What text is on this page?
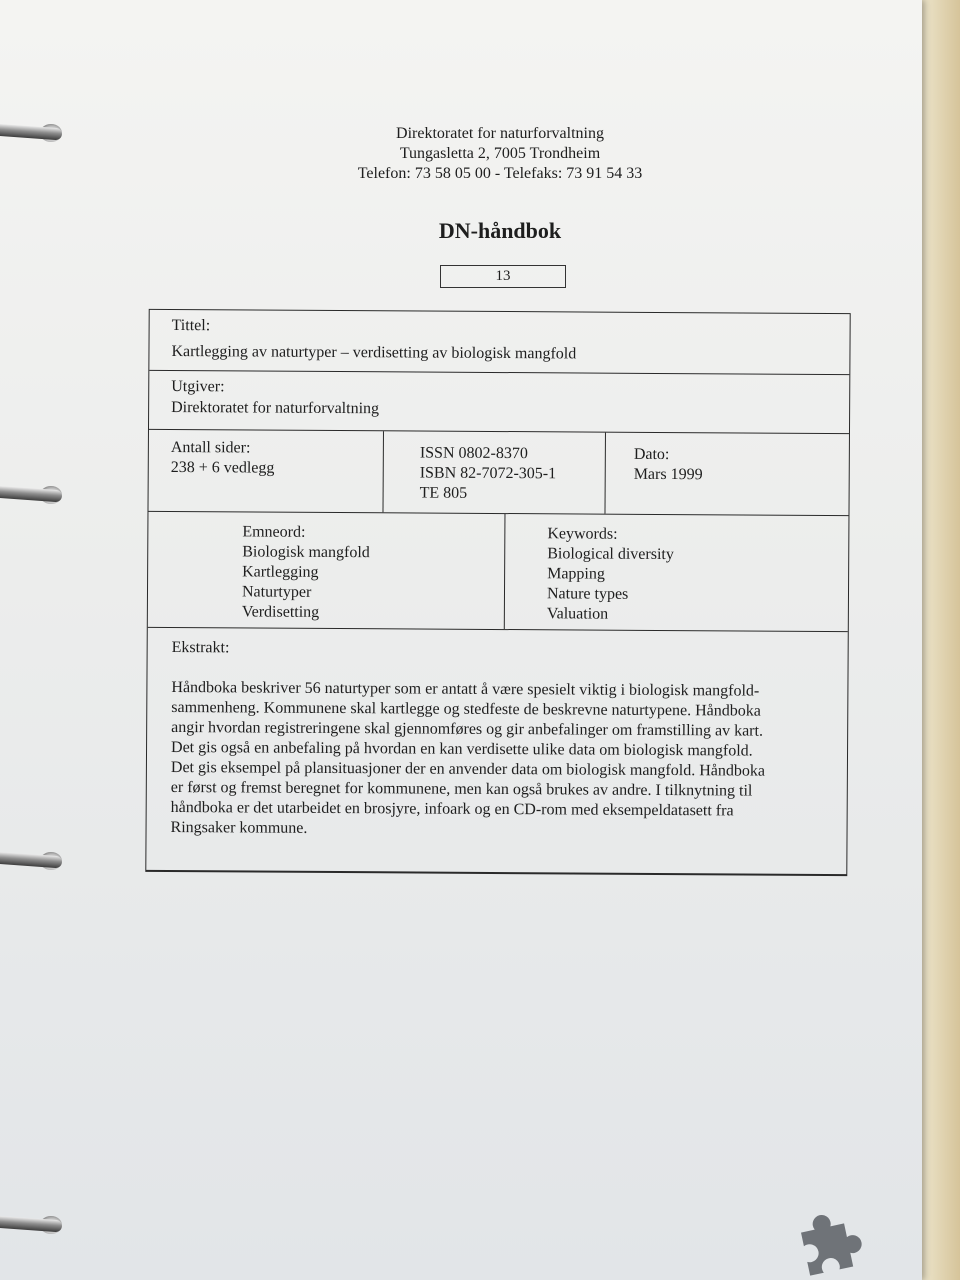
Direktoratet for naturforvaltning
Tungasletta 2, 7005 Trondheim
Telefon: 73 58 05 00 - Telefaks: 73 91 54 33
DN-håndbok
13
Tittel:
Kartlegging av naturtyper – verdisetting av biologisk mangfold
Utgiver:
Direktoratet for naturforvaltning
Antall sider:
238 + 6 vedlegg
ISSN 0802-8370
ISBN 82-7072-305-1
TE 805
Dato:
Mars 1999
Emneord:
Biologisk mangfold
Kartlegging
Naturtyper
Verdisetting
Keywords:
Biological diversity
Mapping
Nature types
Valuation
Ekstrakt:

Håndboka beskriver 56 naturtyper som er antatt å være spesielt viktig i biologisk mangfold-

sammenheng. Kommunene skal kartlegge og stedfeste de beskrevne naturtypene. Håndboka

angir hvordan registreringene skal gjennomføres og gir anbefalinger om framstilling av kart.

Det gis også en anbefaling på hvordan en kan verdisette ulike data om biologisk mangfold.

Det gis eksempel på plansituasjoner der en anvender data om biologisk mangfold. Håndboka

er først og fremst beregnet for kommunene, men kan også brukes av andre. I tilknytning til

håndboka er det utarbeidet en brosjyre, infoark og en CD-rom med eksempeldatasett fra

Ringsaker kommune.
